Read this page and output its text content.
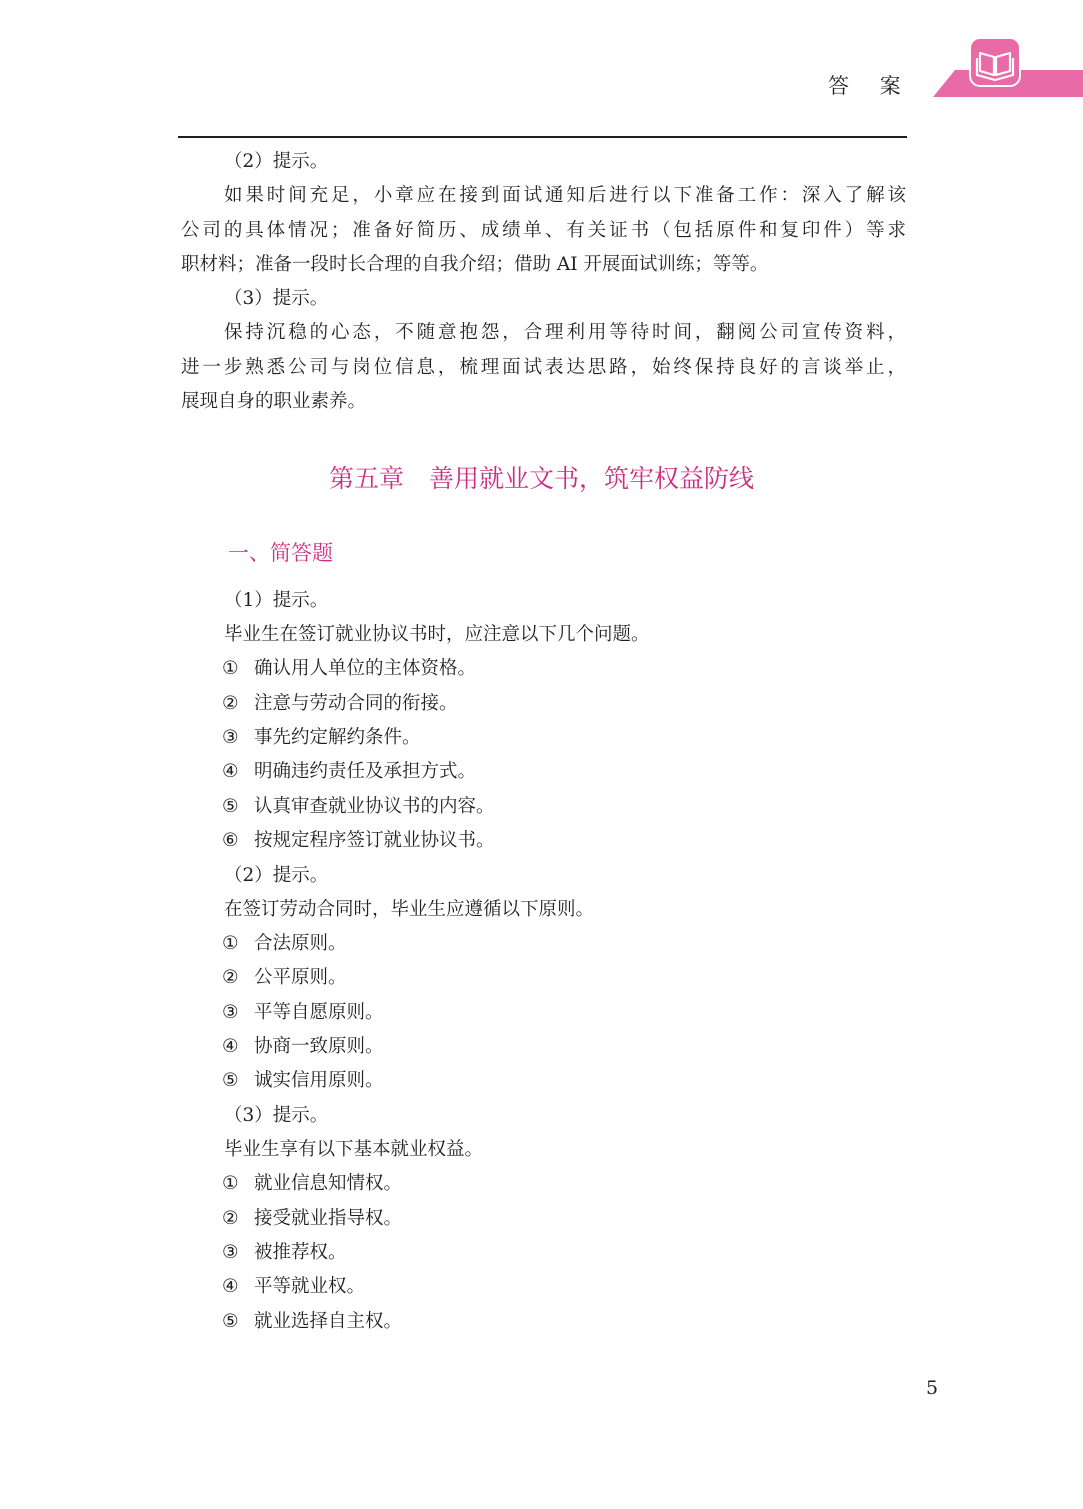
答 案
（2）提示。
如果时间充足，小章应在接到面试通知后进行以下准备工作：深入了解该
公司的具体情况；准备好简历、成绩单、有关证书（包括原件和复印件）等求
职材料；准备一段时长合理的自我介绍；借助 AI 开展面试训练；等等。
（3）提示。
保持沉稳的心态，不随意抱怨，合理利用等待时间，翻阅公司宣传资料，
进一步熟悉公司与岗位信息，梳理面试表达思路，始终保持良好的言谈举止，
展现自身的职业素养。
第五章　善用就业文书，筑牢权益防线
一、简答题
（1）提示。
毕业生在签订就业协议书时，应注意以下几个问题。
① 确认用人单位的主体资格。
② 注意与劳动合同的衔接。
③ 事先约定解约条件。
④ 明确违约责任及承担方式。
⑤ 认真审查就业协议书的内容。
⑥ 按规定程序签订就业协议书。
（2）提示。
在签订劳动合同时，毕业生应遵循以下原则。
① 合法原则。
② 公平原则。
③ 平等自愿原则。
④ 协商一致原则。
⑤ 诚实信用原则。
（3）提示。
毕业生享有以下基本就业权益。
① 就业信息知情权。
② 接受就业指导权。
③ 被推荐权。
④ 平等就业权。
⑤ 就业选择自主权。
5
